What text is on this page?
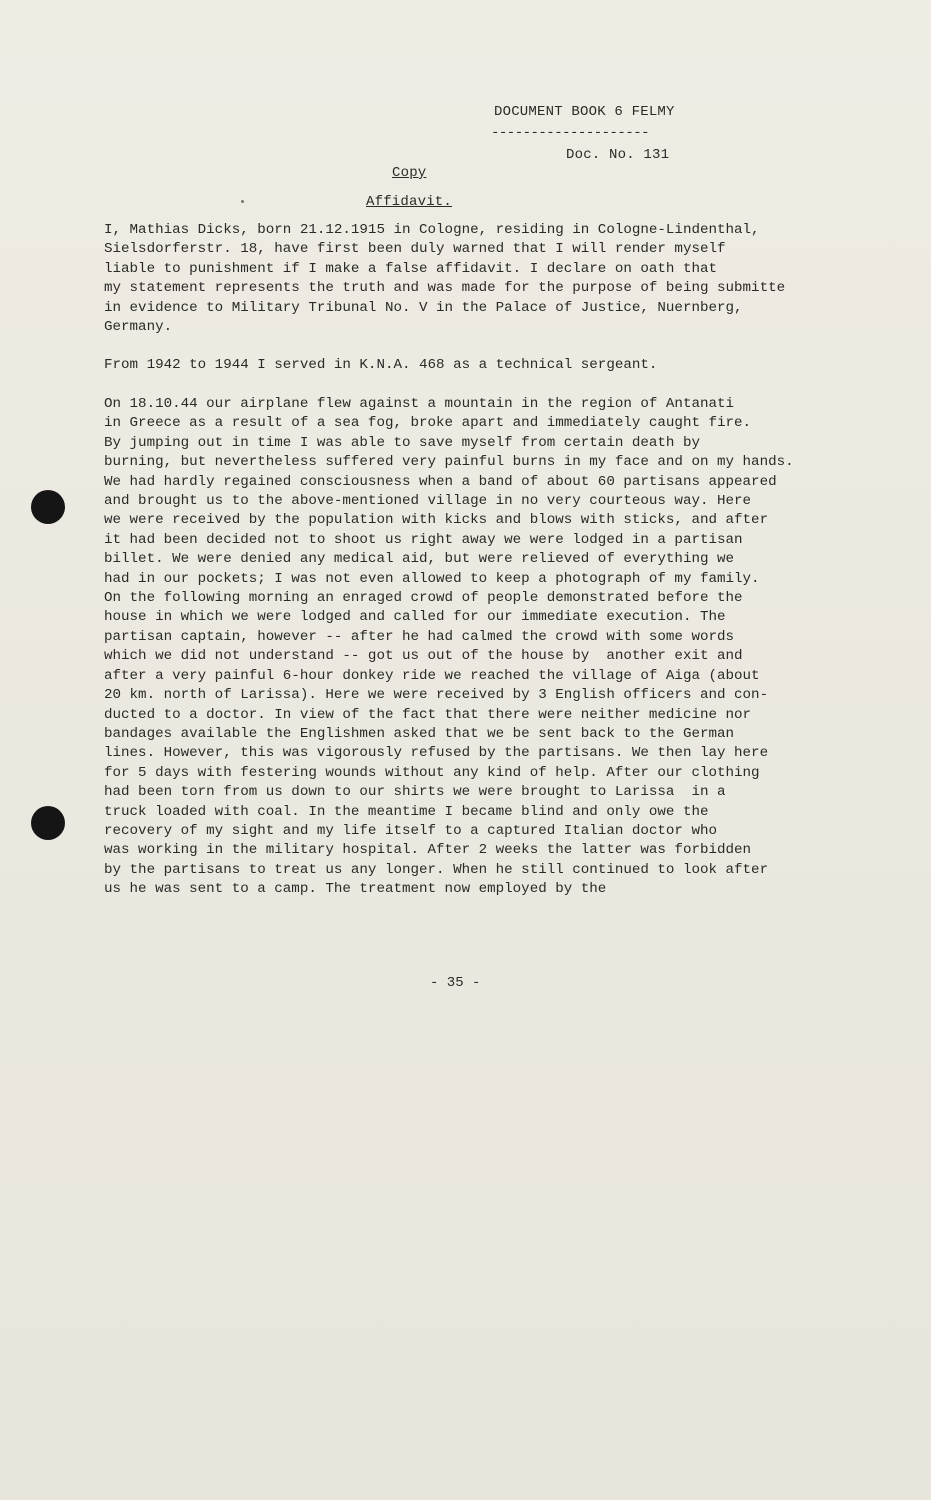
DOCUMENT BOOK 6 FELMY
--------------------
Doc. No. 131
Copy
Affidavit.
I, Mathias Dicks, born 21.12.1915 in Cologne, residing in Cologne-Lindenthal,
Sielsdorferstr. 18, have first been duly warned that I will render myself
liable to punishment if I make a false affidavit. I declare on oath that
my statement represents the truth and was made for the purpose of being submitte
in evidence to Military Tribunal No. V in the Palace of Justice, Nuernberg,
Germany.
From 1942 to 1944 I served in K.N.A. 468 as a technical sergeant.
On 18.10.44 our airplane flew against a mountain in the region of Antanati
in Greece as a result of a sea fog, broke apart and immediately caught fire.
By jumping out in time I was able to save myself from certain death by
burning, but nevertheless suffered very painful burns in my face and on my hands.
We had hardly regained consciousness when a band of about 60 partisans appeared
and brought us to the above-mentioned village in no very courteous way. Here
we were received by the population with kicks and blows with sticks, and after
it had been decided not to shoot us right away we were lodged in a partisan
billet. We were denied any medical aid, but were relieved of everything we
had in our pockets; I was not even allowed to keep a photograph of my family.
On the following morning an enraged crowd of people demonstrated before the
house in which we were lodged and called for our immediate execution. The
partisan captain, however -- after he had calmed the crowd with some words
which we did not understand -- got us out of the house by  another exit and
after a very painful 6-hour donkey ride we reached the village of Aiga (about
20 km. north of Larissa). Here we were received by 3 English officers and con-
ducted to a doctor. In view of the fact that there were neither medicine nor
bandages available the Englishmen asked that we be sent back to the German
lines. However, this was vigorously refused by the partisans. We then lay here
for 5 days with festering wounds without any kind of help. After our clothing
had been torn from us down to our shirts we were brought to Larissa  in a
truck loaded with coal. In the meantime I became blind and only owe the
recovery of my sight and my life itself to a captured Italian doctor who
was working in the military hospital. After 2 weeks the latter was forbidden
by the partisans to treat us any longer. When he still continued to look after
us he was sent to a camp. The treatment now employed by the
- 35 -
